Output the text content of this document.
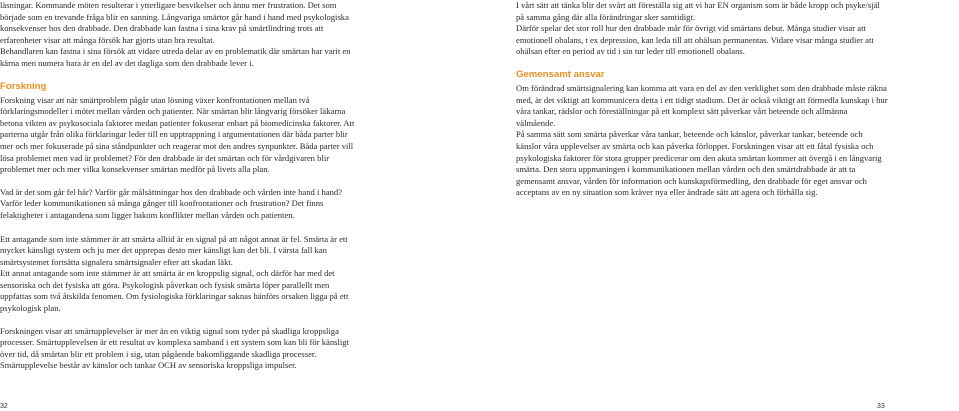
läsningar. Kommande möten resulterar i ytterligare besvikelser och ännu mer frustration. Det som började som en trevande fråga blir en sanning. Långvariga smärtor går hand i hand med psykologiska konsekvenser hos den drabbade. Den drabbade kan fastna i sina krav på smärtlindring trots att erfarenheter visar att många försök har gjorts utan bra resultat.

Behandlaren kan fastna i sina försök att vidare utreda delar av en problematik där smärtan har varit en kärna men numera bara är en del av det dagliga som den drabbade lever i.

Forskning

Forskning visar att när smärtproblem pågår utan lösning växer konfrontationen mellan två förklaringsmodeller i mötet mellan vården och patienter. När smärtan blir långvarig försöker läkarna betona vikten av psykosociala faktorer medan patienter fokuserar enbart på biomedicinska faktorer. Att parterna utgår från olika förklaringar leder till en upptrappning i argumentationen där båda parter blir mer och mer fokuserade på sina ståndpunkter och reagerar mot den andres synpunkter. Båda parter vill lösa problemet men vad är problemet? För den drabbade är det smärtan och för vårdgivaren blir problemet mer och mer vilka konsekvenser smärtan medför på livets alla plan.

Vad är det som går fel här? Varför går målsättningar hos den drabbade och vården inte hand i hand? Varför leder kommunikationen så många gånger till konfrontationer och frustration? Det finns felaktigheter i antagandena som ligger bakom konflikter mellan vården och patienten.

Ett antagande som inte stämmer är att smärta alltid är en signal på att något annat är fel. Smärta är ett mycket känsligt system och ju mer det upprepas desto mer känsligt kan det bli. I värsta fall kan smärtsystemet fortsätta signalera smärtsignaler efter att skadan läkt.

Ett annat antagande som inte stämmer är att smärta är en kroppslig signal, och därför har med det sensoriska och det fysiska att göra. Psykologisk påverkan och fysisk smärta löper parallellt men uppfattas som två åtskilda fenomen. Om fysiologiska förklaringar saknas hänförs orsaken ligga på ett psykologisk plan.

Forskningen visar att smärtupplevelser är mer än en viktig signal som tyder på skadliga kroppsliga processer. Smärtupplevelsen är ett resultat av komplexa samband i ett system som kan bli för känsligt över tid, då smärtan blir ett problem i sig, utan pågående bakomliggande skadliga processer. Smärtupplevelse består av känslor och tankar OCH av sensoriska kroppsliga impulser.

I vårt sätt att tänka blir det svårt att föreställa sig att vi har EN organism som är både kropp och psyke/själ på samma gång där alla förändringar sker samtidigt.

Därför spelar det stor roll hur den drabbade mår för övrigt vid smärtans debut. Många studier visar att emotionell obalans, t ex depression, kan leda till att ohälsan permanentas. Vidare visar många studier att ohälsan efter en period av tid i sin tur leder till emotionell obalans.

Gemensamt ansvar

Om förändrad smärtsignalering kan komma att vara en del av den verklighet som den drabbade måste räkna med, är det viktigt att kommunicera detta i ett tidigt stadium. Det är också viktigt att förmedla kunskap i hur våra tankar, rädslor och föreställningar på ett komplext sätt påverkar vårt beteende och allmänna välmående.

På samma sätt som smärta påverkar våra tankar, beteende och känslor, påverkar tankar, beteende och känslor våra upplevelser av smärta och kan påverka förloppet. Forskningen visar att ett fåtal fysiska och psykologiska faktorer för stora grupper predicerar om den akuta smärtan kommer att övergå i en långvarig smärta. Den stora uppmaningen i kommunikationen mellan vården och den smärtdrabbade är att ta gemensamt ansvar, vården för information och kunskapsförmedling, den drabbade för eget ansvar och acceptans av en ny situation som kräver nya eller ändrade sätt att agera och förhålla sig.

32	33
